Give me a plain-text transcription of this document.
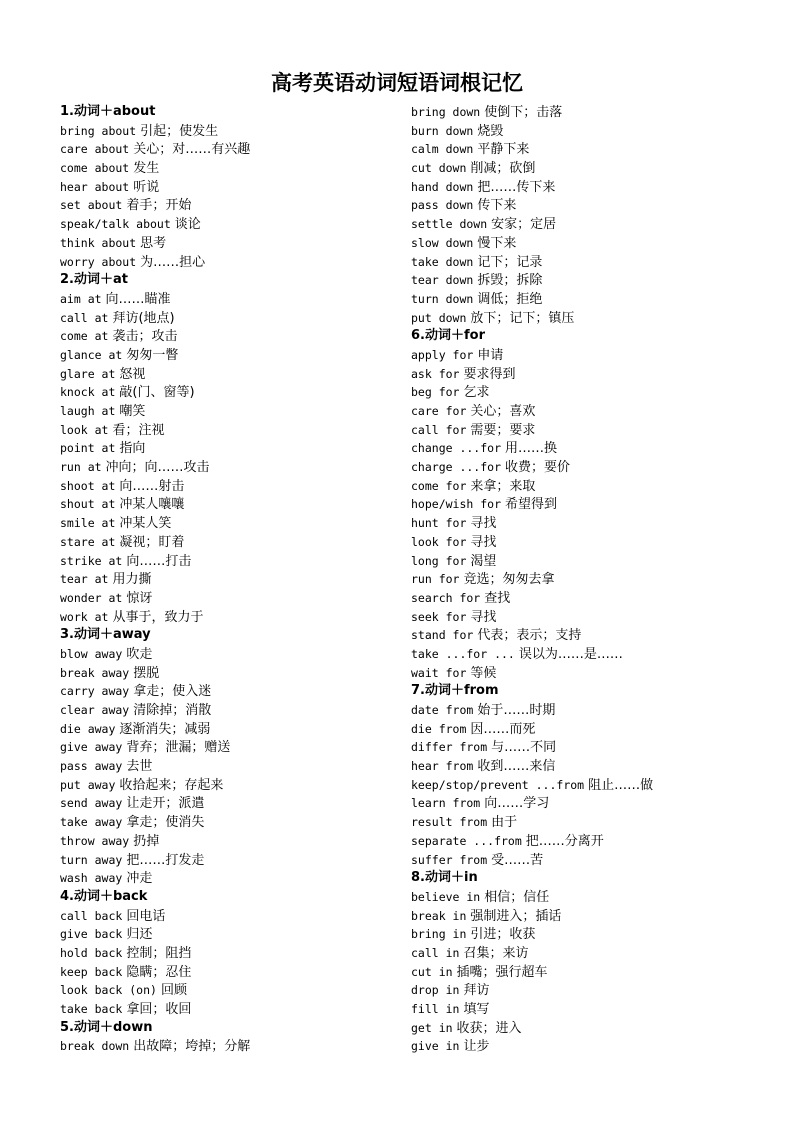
高考英语动词短语词根记忆
1.动词＋about
bring about 引起；使发生
care about 关心；对……有兴趣
come about 发生
hear about 听说
set about 着手；开始
speak/talk about 谈论
think about 思考
worry about 为……担心
2.动词＋at
aim at 向……瞄准
call at 拜访(地点)
come at 袭击；攻击
glance at 匆匆一瞥
glare at 怒视
knock at 敲(门、窗等)
laugh at 嘲笑
look at 看；注视
point at 指向
run at 冲向；向……攻击
shoot at 向……射击
shout at 冲某人嚷嚷
smile at 冲某人笑
stare at 凝视；盯着
strike at 向……打击
tear at 用力撕
wonder at 惊讶
work at 从事于，致力于
3.动词＋away
blow away 吹走
break away 摆脱
carry away 拿走；使入迷
clear away 清除掉；消散
die away 逐渐消失；减弱
give away 背弃；泄漏；赠送
pass away 去世
put away 收拾起来；存起来
send away 让走开；派遣
take away 拿走；使消失
throw away 扔掉
turn away 把……打发走
wash away 冲走
4.动词＋back
call back 回电话
give back 归还
hold back 控制；阻挡
keep back 隐瞒；忍住
look back (on) 回顾
take back 拿回；收回
5.动词＋down
break down 出故障；垮掉；分解
bring down 使倒下；击落
burn down 烧毁
calm down 平静下来
cut down 削减；砍倒
hand down 把……传下来
pass down 传下来
settle down 安家；定居
slow down 慢下来
take down 记下；记录
tear down 拆毁；拆除
turn down 调低；拒绝
put down 放下；记下；镇压
6.动词＋for
apply for 申请
ask for 要求得到
beg for 乞求
care for 关心；喜欢
call for 需要；要求
change ...for 用……换
charge ...for 收费；要价
come for 来拿；来取
hope/wish for 希望得到
hunt for 寻找
look for 寻找
long for 渴望
run for 竞选；匆匆去拿
search for 查找
seek for 寻找
stand for 代表；表示；支持
take ...for ... 误以为……是……
wait for 等候
7.动词＋from
date from 始于……时期
die from 因……而死
differ from 与……不同
hear from 收到……来信
keep/stop/prevent ...from 阻止……做
learn from 向……学习
result from 由于
separate ...from 把……分离开
suffer from 受……苦
8.动词＋in
believe in 相信；信任
break in 强制进入；插话
bring in 引进；收获
call in 召集；来访
cut in 插嘴；强行超车
drop in 拜访
fill in 填写
get in 收获；进入
give in 让步
